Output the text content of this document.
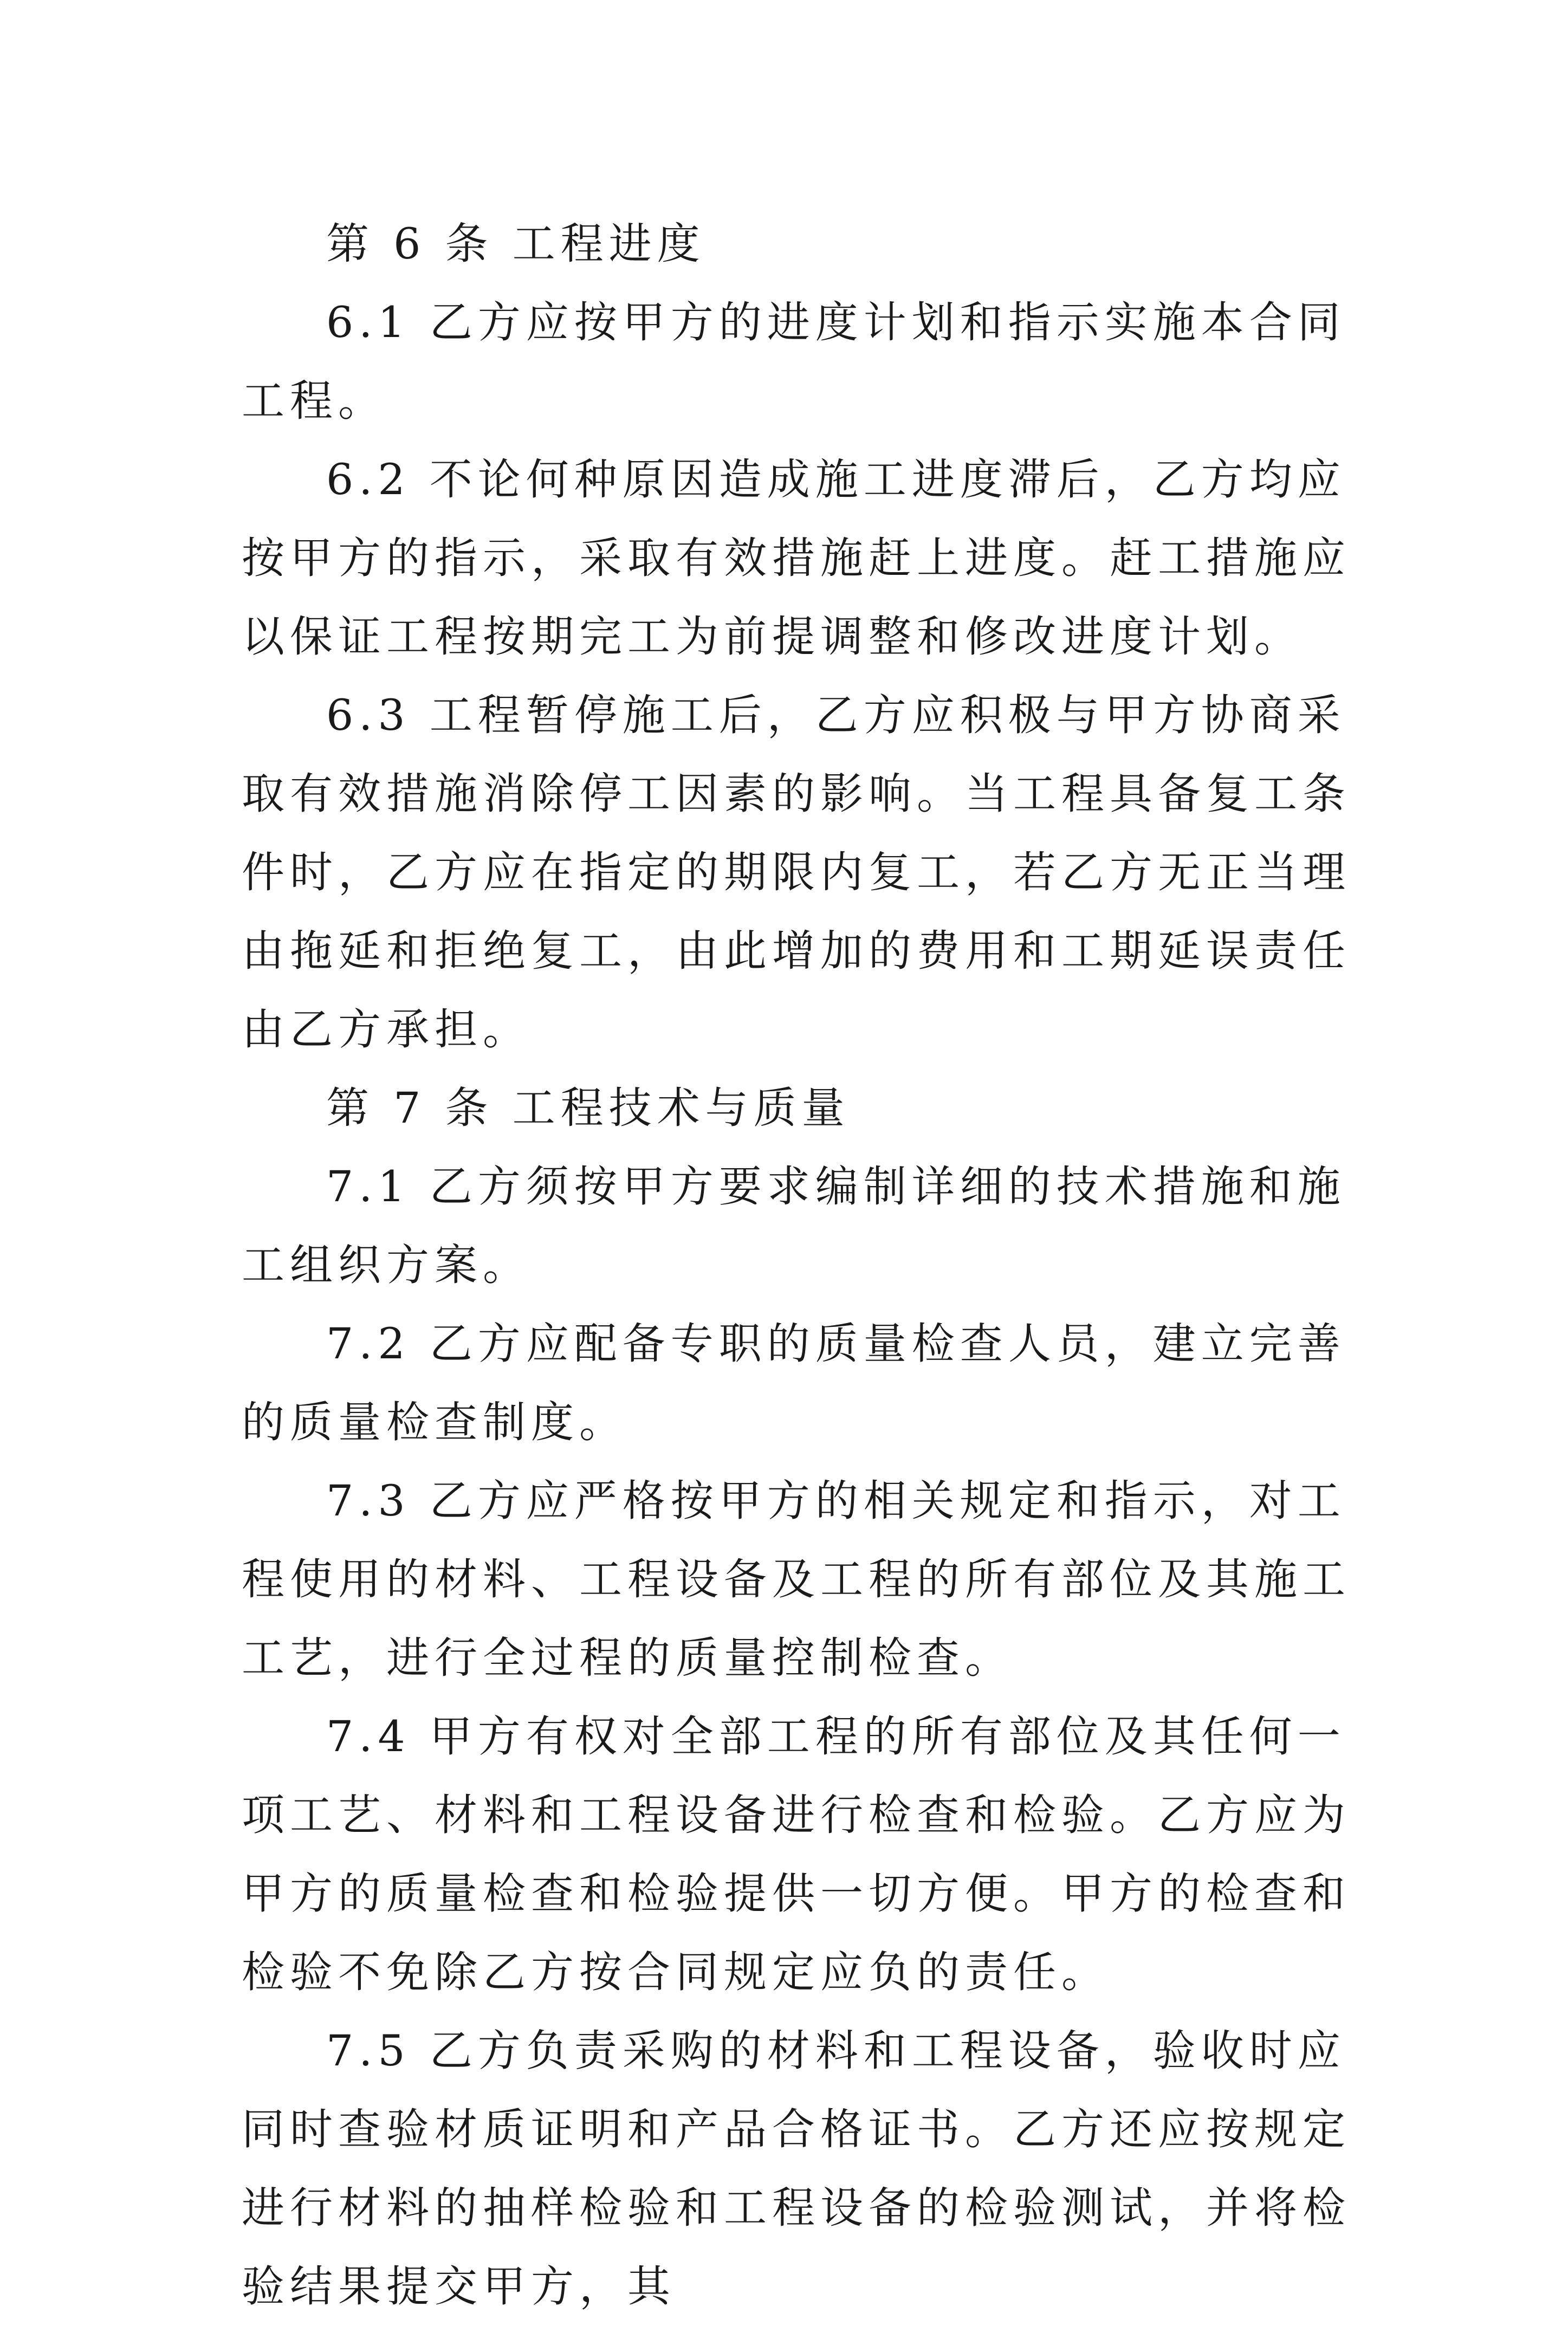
第 6 条 工程进度

6.1 乙方应按甲方的进度计划和指示实施本合同工程。

6.2 不论何种原因造成施工进度滞后，乙方均应按甲方的指示，采取有效措施赶上进度。赶工措施应以保证工程按期完工为前提调整和修改进度计划。

6.3 工程暂停施工后，乙方应积极与甲方协商采取有效措施消除停工因素的影响。当工程具备复工条件时，乙方应在指定的期限内复工，若乙方无正当理由拖延和拒绝复工，由此增加的费用和工期延误责任由乙方承担。

第 7 条 工程技术与质量

7.1 乙方须按甲方要求编制详细的技术措施和施工组织方案。

7.2 乙方应配备专职的质量检查人员，建立完善的质量检查制度。

7.3 乙方应严格按甲方的相关规定和指示，对工程使用的材料、工程设备及工程的所有部位及其施工工艺，进行全过程的质量控制检查。

7.4 甲方有权对全部工程的所有部位及其任何一项工艺、材料和工程设备进行检查和检验。乙方应为甲方的质量检查和检验提供一切方便。甲方的检查和检验不免除乙方按合同规定应负的责任。

7.5 乙方负责采购的材料和工程设备，验收时应同时查验材质证明和产品合格证书。乙方还应按规定进行材料的抽样检验和工程设备的检验测试，并将检验结果提交甲方，其
